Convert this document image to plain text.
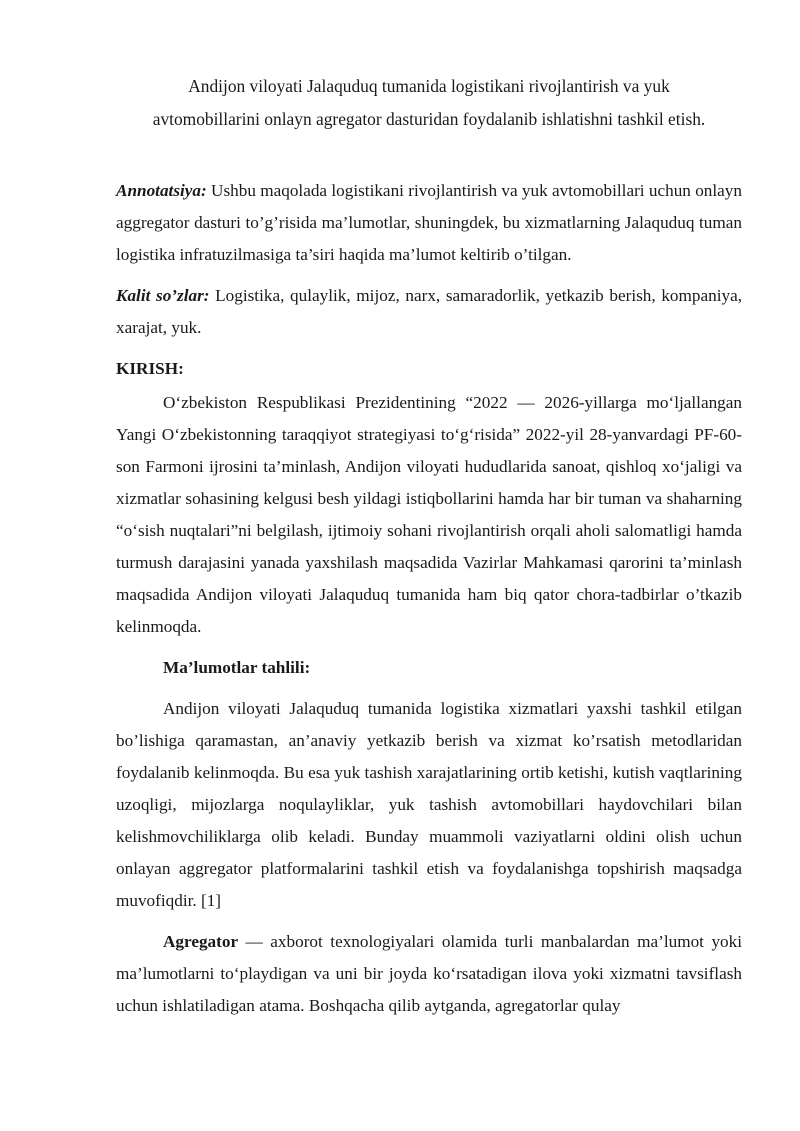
Andijon viloyati Jalaquduq tumanida logistikani rivojlantirish va yuk
avtomobillarini onlayn agregator dasturidan foydalanib ishlatishni tashkil etish.

Annotatsiya: Ushbu maqolada logistikani rivojlantirish va yuk avtomobillari uchun onlayn aggregator dasturi to’g’risida ma’lumotlar, shuningdek, bu xizmatlarning Jalaquduq tuman logistika infratuzilmasiga ta’siri haqida ma’lumot keltirib o’tilgan.

Kalit so’zlar: Logistika, qulaylik, mijoz, narx, samaradorlik, yetkazib berish, kompaniya, xarajat, yuk.

KIRISH:

O‘zbekiston Respublikasi Prezidentining “2022 — 2026-yillarga mo‘ljallangan Yangi O‘zbekistonning taraqqiyot strategiyasi to‘g‘risida” 2022-yil 28-yanvardagi PF-60-son Farmoni ijrosini ta’minlash, Andijon viloyati hududlarida sanoat, qishloq xo‘jaligi va xizmatlar sohasining kelgusi besh yildagi istiqbollarini hamda har bir tuman va shaharning “o‘sish nuqtalari”ni belgilash, ijtimoiy sohani rivojlantirish orqali aholi salomatligi hamda turmush darajasini yanada yaxshilash maqsadida Vazirlar Mahkamasi qarorini ta’minlash maqsadida Andijon viloyati Jalaquduq tumanida ham biq qator chora-tadbirlar o’tkazib kelinmoqda.

Ma’lumotlar tahlili:

Andijon viloyati Jalaquduq tumanida logistika xizmatlari yaxshi tashkil etilgan bo’lishiga qaramastan, an’anaviy yetkazib berish va xizmat ko’rsatish metodlaridan foydalanib kelinmoqda. Bu esa yuk tashish xarajatlarining ortib ketishi, kutish vaqtlarining uzoqligi, mijozlarga noqulayliklar, yuk tashish avtomobillari haydovchilari bilan kelishmovchiliklarga olib keladi. Bunday muammoli vaziyatlarni oldini olish uchun onlayan aggregator platformalarini tashkil etish va foydalanishga topshirish maqsadga muvofiqdir. [1]

Agregator — axborot texnologiyalari olamida turli manbalardan ma’lumot yoki ma’lumotlarni to‘playdigan va uni bir joyda ko‘rsatadigan ilova yoki xizmatni tavsiflash uchun ishlatiladigan atama. Boshqacha qilib aytganda, agregatorlar qulay
